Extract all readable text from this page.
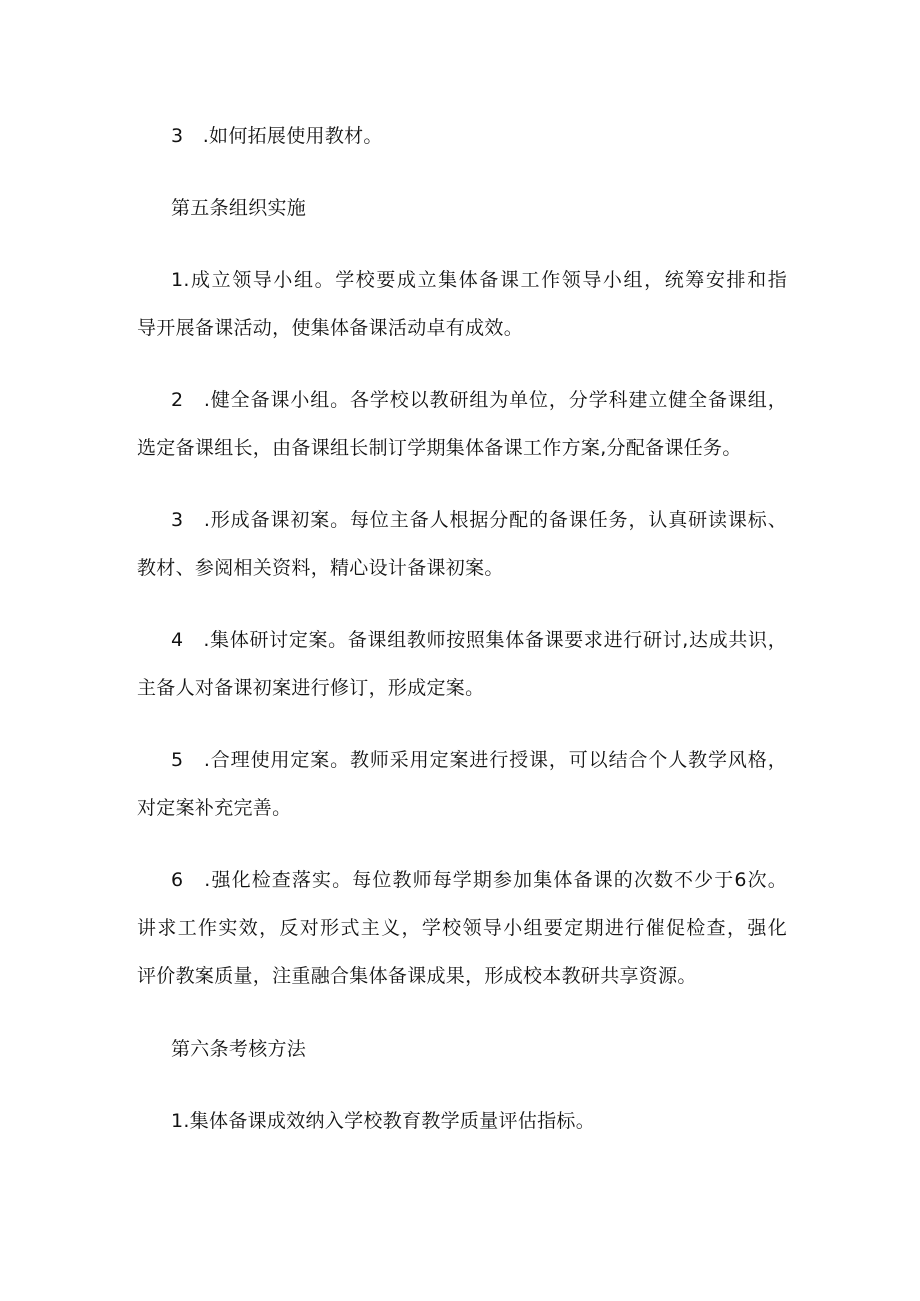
3　.如何拓展使用教材。
第五条组织实施
1.成立领导小组。学校要成立集体备课工作领导小组，统筹安排和指
导开展备课活动，使集体备课活动卓有成效。
2　.健全备课小组。各学校以教研组为单位，分学科建立健全备课组，
选定备课组长，由备课组长制订学期集体备课工作方案,分配备课任务。
3　.形成备课初案。每位主备人根据分配的备课任务，认真研读课标、
教材、参阅相关资料，精心设计备课初案。
4　.集体研讨定案。备课组教师按照集体备课要求进行研讨,达成共识，
主备人对备课初案进行修订，形成定案。
5　.合理使用定案。教师采用定案进行授课，可以结合个人教学风格，
对定案补充完善。
6　.强化检查落实。每位教师每学期参加集体备课的次数不少于6次。
讲求工作实效，反对形式主义，学校领导小组要定期进行催促检查，强化
评价教案质量，注重融合集体备课成果，形成校本教研共享资源。
第六条考核方法
1.集体备课成效纳入学校教育教学质量评估指标。
